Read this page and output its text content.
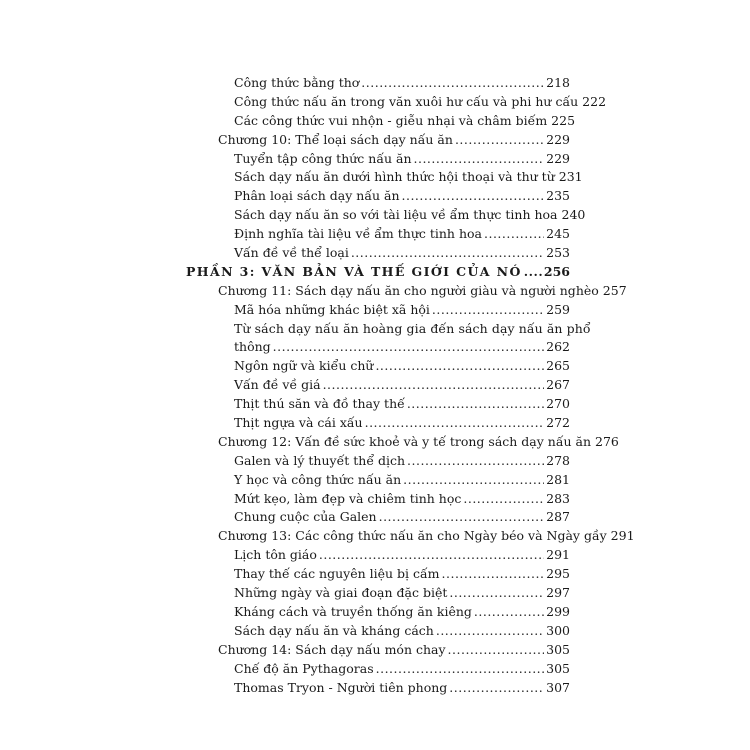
Công thức bằng thơ .....	218
Công thức nấu ăn trong văn xuôi hư cấu và phi hư cấu 222
Các công thức vui nhộn - giễu nhại và châm biếm 225
Chương 10: Thể loại sách dạy nấu ăn .....	229
Tuyển tập công thức nấu ăn .....	229
Sách dạy nấu ăn dưới hình thức hội thoại và thư từ 231
Phân loại sách dạy nấu ăn .....	235
Sách dạy nấu ăn so với tài liệu về ẩm thực tinh hoa 240
Định nghĩa tài liệu về ẩm thực tinh hoa .....	245
Vấn đề về thể loại .....	253
PHẦN 3: VĂN BẢN VÀ THẾ GIỚI CỦA NÓ ..... 256
Chương 11: Sách dạy nấu ăn cho người giàu và người nghèo 257
Mã hóa những khác biệt xã hội .....	259
Từ sách dạy nấu ăn hoàng gia đến sách dạy nấu ăn phổ
thông .....	262
Ngôn ngữ và kiểu chữ .....	265
Vấn đề về giá .....	267
Thịt thú săn và đồ thay thế .....	270
Thịt ngựa và cái xấu .....	272
Chương 12: Vấn đề sức khoẻ và y tế trong sách dạy nấu ăn 276
Galen và lý thuyết thể dịch .....	278
Y học và công thức nấu ăn .....	281
Mứt kẹo, làm đẹp và chiêm tinh học .....	283
Chung cuộc của Galen .....	287
Chương 13: Các công thức nấu ăn cho Ngày béo và Ngày gầy 291
Lịch tôn giáo .....	291
Thay thế các nguyên liệu bị cấm .....	295
Những ngày và giai đoạn đặc biệt .....	297
Kháng cách và truyền thống ăn kiêng .....	299
Sách dạy nấu ăn và kháng cách .....	300
Chương 14: Sách dạy nấu món chay .....	305
Chế độ ăn Pythagoras .....	305
Thomas Tryon - Người tiên phong .....	307
